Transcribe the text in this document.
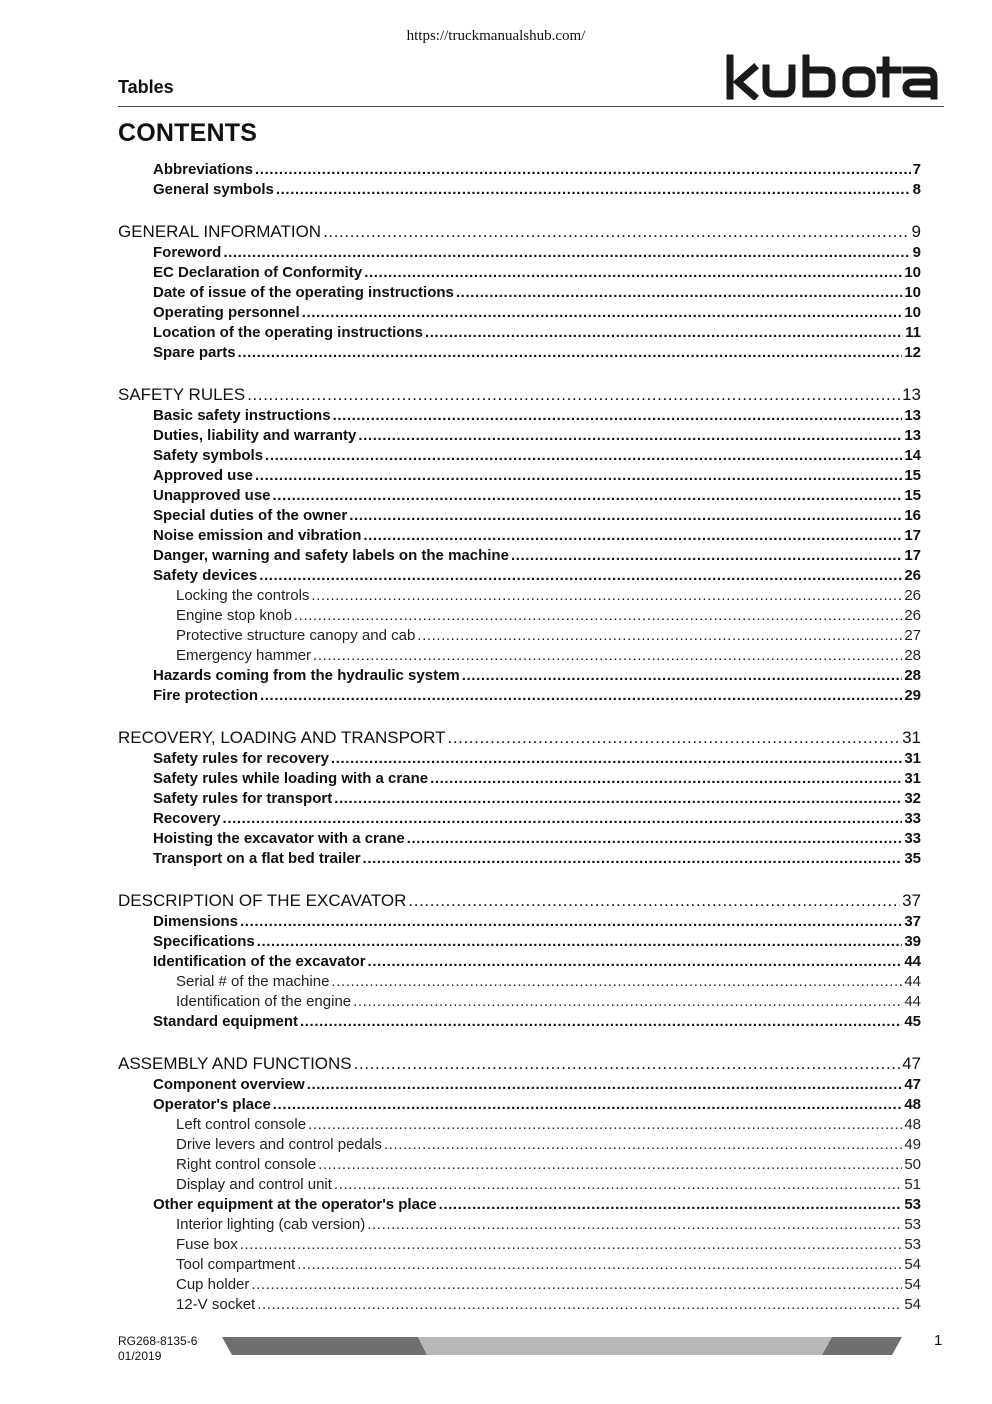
https://truckmanualshub.com/
Tables
CONTENTS
Abbreviations .....	7
General symbols .....	8
GENERAL INFORMATION .....	9
Foreword .....	9
EC Declaration of Conformity .....	10
Date of issue of the operating instructions .....	10
Operating personnel .....	10
Location of the operating instructions .....	11
Spare parts .....	12
SAFETY RULES .....	13
Basic safety instructions .....	13
Duties, liability and warranty .....	13
Safety symbols .....	14
Approved use .....	15
Unapproved use .....	15
Special duties of the owner .....	16
Noise emission and vibration .....	17
Danger, warning and safety labels on the machine .....	17
Safety devices .....	26
Locking the controls .....	26
Engine stop knob .....	26
Protective structure canopy and cab .....	27
Emergency hammer .....	28
Hazards coming from the hydraulic system .....	28
Fire protection .....	29
RECOVERY, LOADING AND TRANSPORT .....	31
Safety rules for recovery .....	31
Safety rules while loading with a crane .....	31
Safety rules for transport .....	32
Recovery .....	33
Hoisting the excavator with a crane .....	33
Transport on a flat bed trailer .....	35
DESCRIPTION OF THE EXCAVATOR .....	37
Dimensions .....	37
Specifications .....	39
Identification of the excavator .....	44
Serial # of the machine .....	44
Identification of the engine .....	44
Standard equipment .....	45
ASSEMBLY AND FUNCTIONS .....	47
Component overview .....	47
Operator's place .....	48
Left control console .....	48
Drive levers and control pedals .....	49
Right control console .....	50
Display and control unit .....	51
Other equipment at the operator's place .....	53
Interior lighting (cab version) .....	53
Fuse box .....	53
Tool compartment .....	54
Cup holder .....	54
12-V socket .....	54
RG268-8135-6
01/2019
1
